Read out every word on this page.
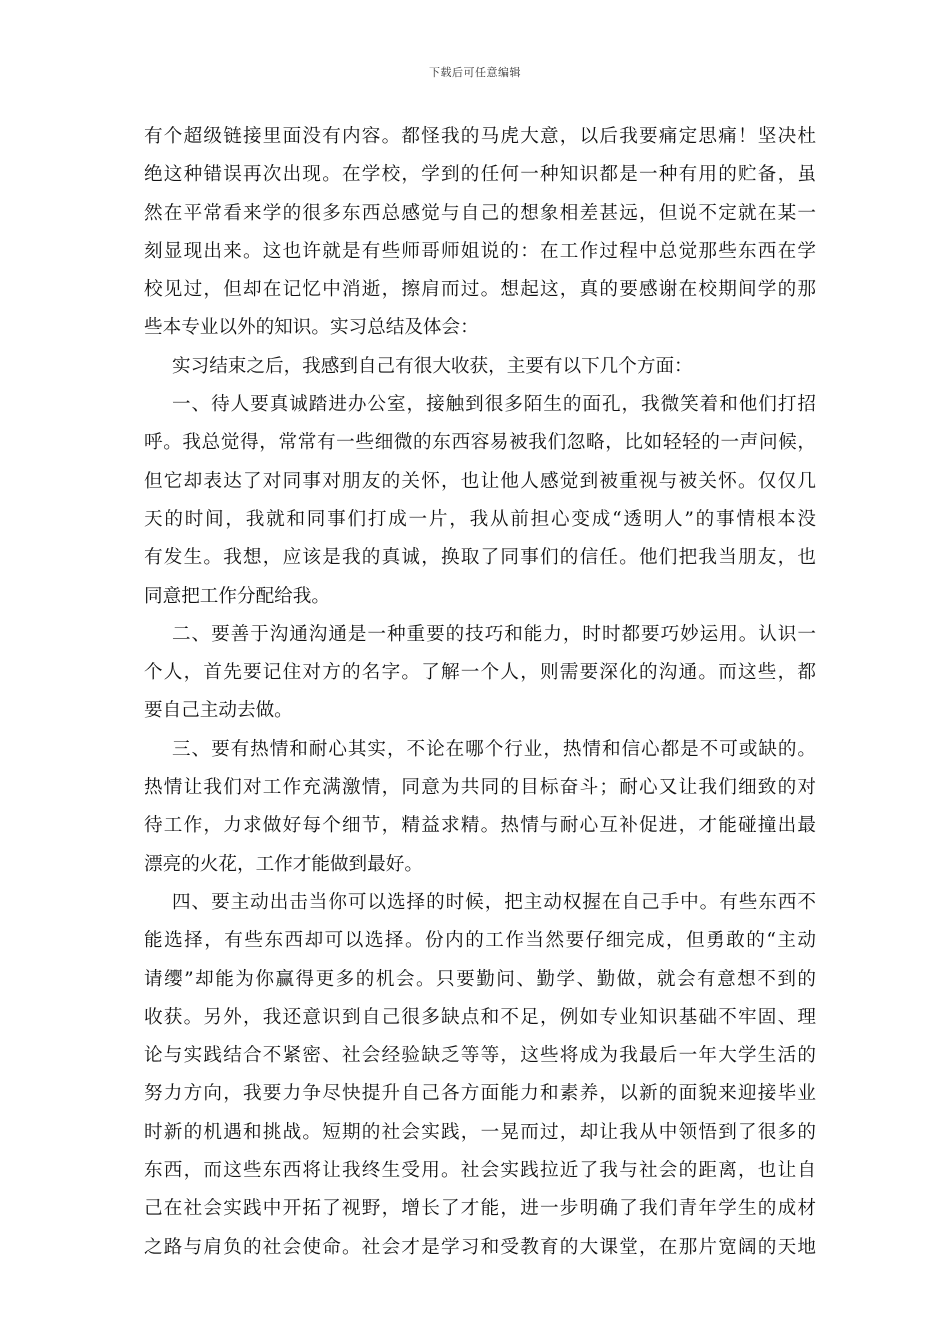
下载后可任意编辑
有个超级链接里面没有内容。都怪我的马虎大意，以后我要痛定思痛！坚决杜
绝这种错误再次出现。在学校，学到的任何一种知识都是一种有用的贮备，虽
然在平常看来学的很多东西总感觉与自己的想象相差甚远，但说不定就在某一
刻显现出来。这也许就是有些师哥师姐说的：在工作过程中总觉那些东西在学
校见过，但却在记忆中消逝，擦肩而过。想起这，真的要感谢在校期间学的那
些本专业以外的知识。实习总结及体会：
实习结束之后，我感到自己有很大收获，主要有以下几个方面：
一、待人要真诚踏进办公室，接触到很多陌生的面孔，我微笑着和他们打招
呼。我总觉得，常常有一些细微的东西容易被我们忽略，比如轻轻的一声问候，
但它却表达了对同事对朋友的关怀，也让他人感觉到被重视与被关怀。仅仅几
天的时间，我就和同事们打成一片，我从前担心变成“透明人”的事情根本没
有发生。我想，应该是我的真诚，换取了同事们的信任。他们把我当朋友，也
同意把工作分配给我。
二、要善于沟通沟通是一种重要的技巧和能力，时时都要巧妙运用。认识一
个人，首先要记住对方的名字。了解一个人，则需要深化的沟通。而这些，都
要自己主动去做。
三、要有热情和耐心其实，不论在哪个行业，热情和信心都是不可或缺的。
热情让我们对工作充满激情，同意为共同的目标奋斗；耐心又让我们细致的对
待工作，力求做好每个细节，精益求精。热情与耐心互补促进，才能碰撞出最
漂亮的火花，工作才能做到最好。
四、要主动出击当你可以选择的时候，把主动权握在自己手中。有些东西不
能选择，有些东西却可以选择。份内的工作当然要仔细完成，但勇敢的“主动
请缨”却能为你赢得更多的机会。只要勤问、勤学、勤做，就会有意想不到的
收获。另外，我还意识到自己很多缺点和不足，例如专业知识基础不牢固、理
论与实践结合不紧密、社会经验缺乏等等，这些将成为我最后一年大学生活的
努力方向，我要力争尽快提升自己各方面能力和素养，以新的面貌来迎接毕业
时新的机遇和挑战。短期的社会实践，一晃而过，却让我从中领悟到了很多的
东西，而这些东西将让我终生受用。社会实践拉近了我与社会的距离，也让自
己在社会实践中开拓了视野，增长了才能，进一步明确了我们青年学生的成材
之路与肩负的社会使命。社会才是学习和受教育的大课堂，在那片宽阔的天地
